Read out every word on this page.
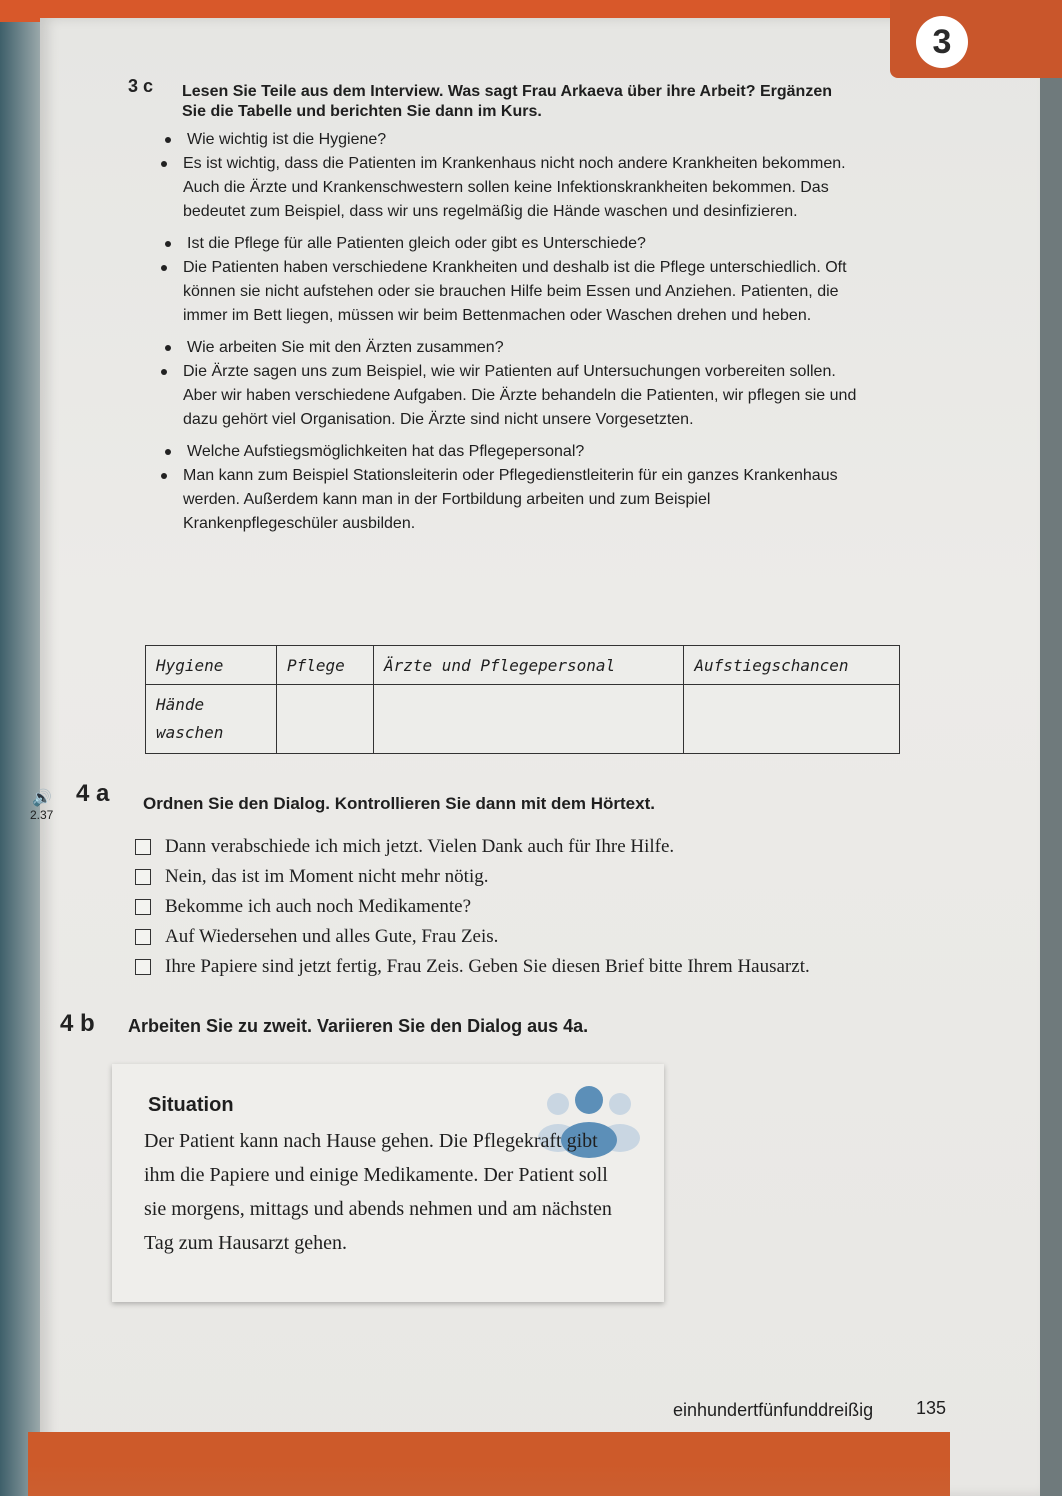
3
3 c Lesen Sie Teile aus dem Interview. Was sagt Frau Arkaeva über ihre Arbeit? Ergänzen Sie die Tabelle und berichten Sie dann im Kurs.
Wie wichtig ist die Hygiene?
Es ist wichtig, dass die Patienten im Krankenhaus nicht noch andere Krankheiten bekommen. Auch die Ärzte und Krankenschwestern sollen keine Infektionskrankheiten bekommen. Das bedeutet zum Beispiel, dass wir uns regelmäßig die Hände waschen und desinfizieren.
Ist die Pflege für alle Patienten gleich oder gibt es Unterschiede?
Die Patienten haben verschiedene Krankheiten und deshalb ist die Pflege unterschiedlich. Oft können sie nicht aufstehen oder sie brauchen Hilfe beim Essen und Anziehen. Patienten, die immer im Bett liegen, müssen wir beim Bettenmachen oder Waschen drehen und heben.
Wie arbeiten Sie mit den Ärzten zusammen?
Die Ärzte sagen uns zum Beispiel, wie wir Patienten auf Untersuchungen vorbereiten sollen. Aber wir haben verschiedene Aufgaben. Die Ärzte behandeln die Patienten, wir pflegen sie und dazu gehört viel Organisation. Die Ärzte sind nicht unsere Vorgesetzten.
Welche Aufstiegsmöglichkeiten hat das Pflegepersonal?
Man kann zum Beispiel Stationsleiterin oder Pflegedienstleiterin für ein ganzes Krankenhaus werden. Außerdem kann man in der Fortbildung arbeiten und zum Beispiel Krankenpflegeschüler ausbilden.
Hygiene	Pflege	Ärzte und Pflegepersonal	Aufstiegschancen
Hände waschen			
🔊
2.37
4 a Ordnen Sie den Dialog. Kontrollieren Sie dann mit dem Hörtext.
Dann verabschiede ich mich jetzt. Vielen Dank auch für Ihre Hilfe.
Nein, das ist im Moment nicht mehr nötig.
Bekomme ich auch noch Medikamente?
Auf Wiedersehen und alles Gute, Frau Zeis.
Ihre Papiere sind jetzt fertig, Frau Zeis. Geben Sie diesen Brief bitte Ihrem Hausarzt.
4 b Arbeiten Sie zu zweit. Variieren Sie den Dialog aus 4a.
Situation
Der Patient kann nach Hause gehen. Die Pflegekraft gibt ihm die Papiere und einige Medikamente. Der Patient soll sie morgens, mittags und abends nehmen und am nächsten Tag zum Hausarzt gehen.
einhundertfünfunddreißig 135
